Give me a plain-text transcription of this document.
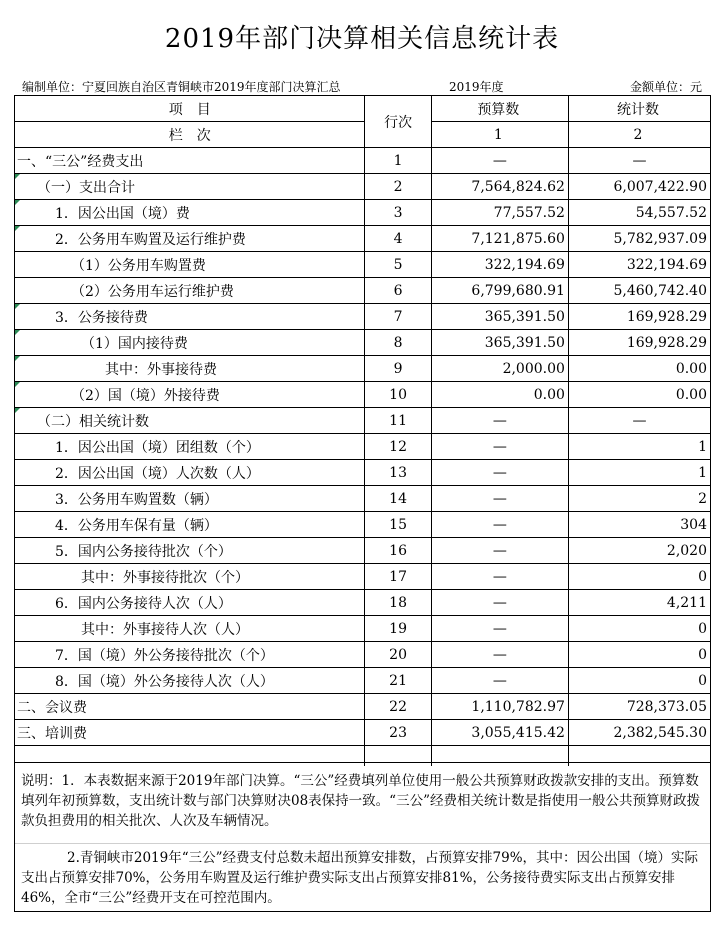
2019年部门决算相关信息统计表
编制单位：宁夏回族自治区青铜峡市2019年度部门决算汇总	2019年度	金额单位：元
项　目	行次	预算数	统计数
栏　次		1	2
一、“三公”经费支出	1	—	—
（一）支出合计	2	7,564,824.62	6,007,422.90
1．因公出国（境）费	3	77,557.52	54,557.52
2．公务用车购置及运行维护费	4	7,121,875.60	5,782,937.09
（1）公务用车购置费	5	322,194.69	322,194.69
（2）公务用车运行维护费	6	6,799,680.91	5,460,742.40
3．公务接待费	7	365,391.50	169,928.29
（1）国内接待费	8	365,391.50	169,928.29
其中：外事接待费	9	2,000.00	0.00
（2）国（境）外接待费	10	0.00	0.00
（二）相关统计数	11	—	—
1．因公出国（境）团组数（个）	12	—	1
2．因公出国（境）人次数（人）	13	—	1
3．公务用车购置数（辆）	14	—	2
4．公务用车保有量（辆）	15	—	304
5．国内公务接待批次（个）	16	—	2,020
其中：外事接待批次（个）	17	—	0
6．国内公务接待人次（人）	18	—	4,211
其中：外事接待人次（人）	19	—	0
7．国（境）外公务接待批次（个）	20	—	0
8．国（境）外公务接待人次（人）	21	—	0
二、会议费	22	1,110,782.97	728,373.05
三、培训费	23	3,055,415.42	2,382,545.30

说明：1．本表数据来源于2019年部门决算。“三公”经费填列单位使用一般公共预算财政拨款安排的支出。预算数填列年初预算数，支出统计数与部门决算财决08表保持一致。“三公”经费相关统计数是指使用一般公共预算财政拨款负担费用的相关批次、人次及车辆情况。
2.青铜峡市2019年“三公”经费支付总数未超出预算安排数，占预算安排79%，其中：因公出国（境）实际支出占预算安排70%，公务用车购置及运行维护费实际支出占预算安排81%，公务接待费实际支出占预算安排46%，全市“三公”经费开支在可控范围内。
